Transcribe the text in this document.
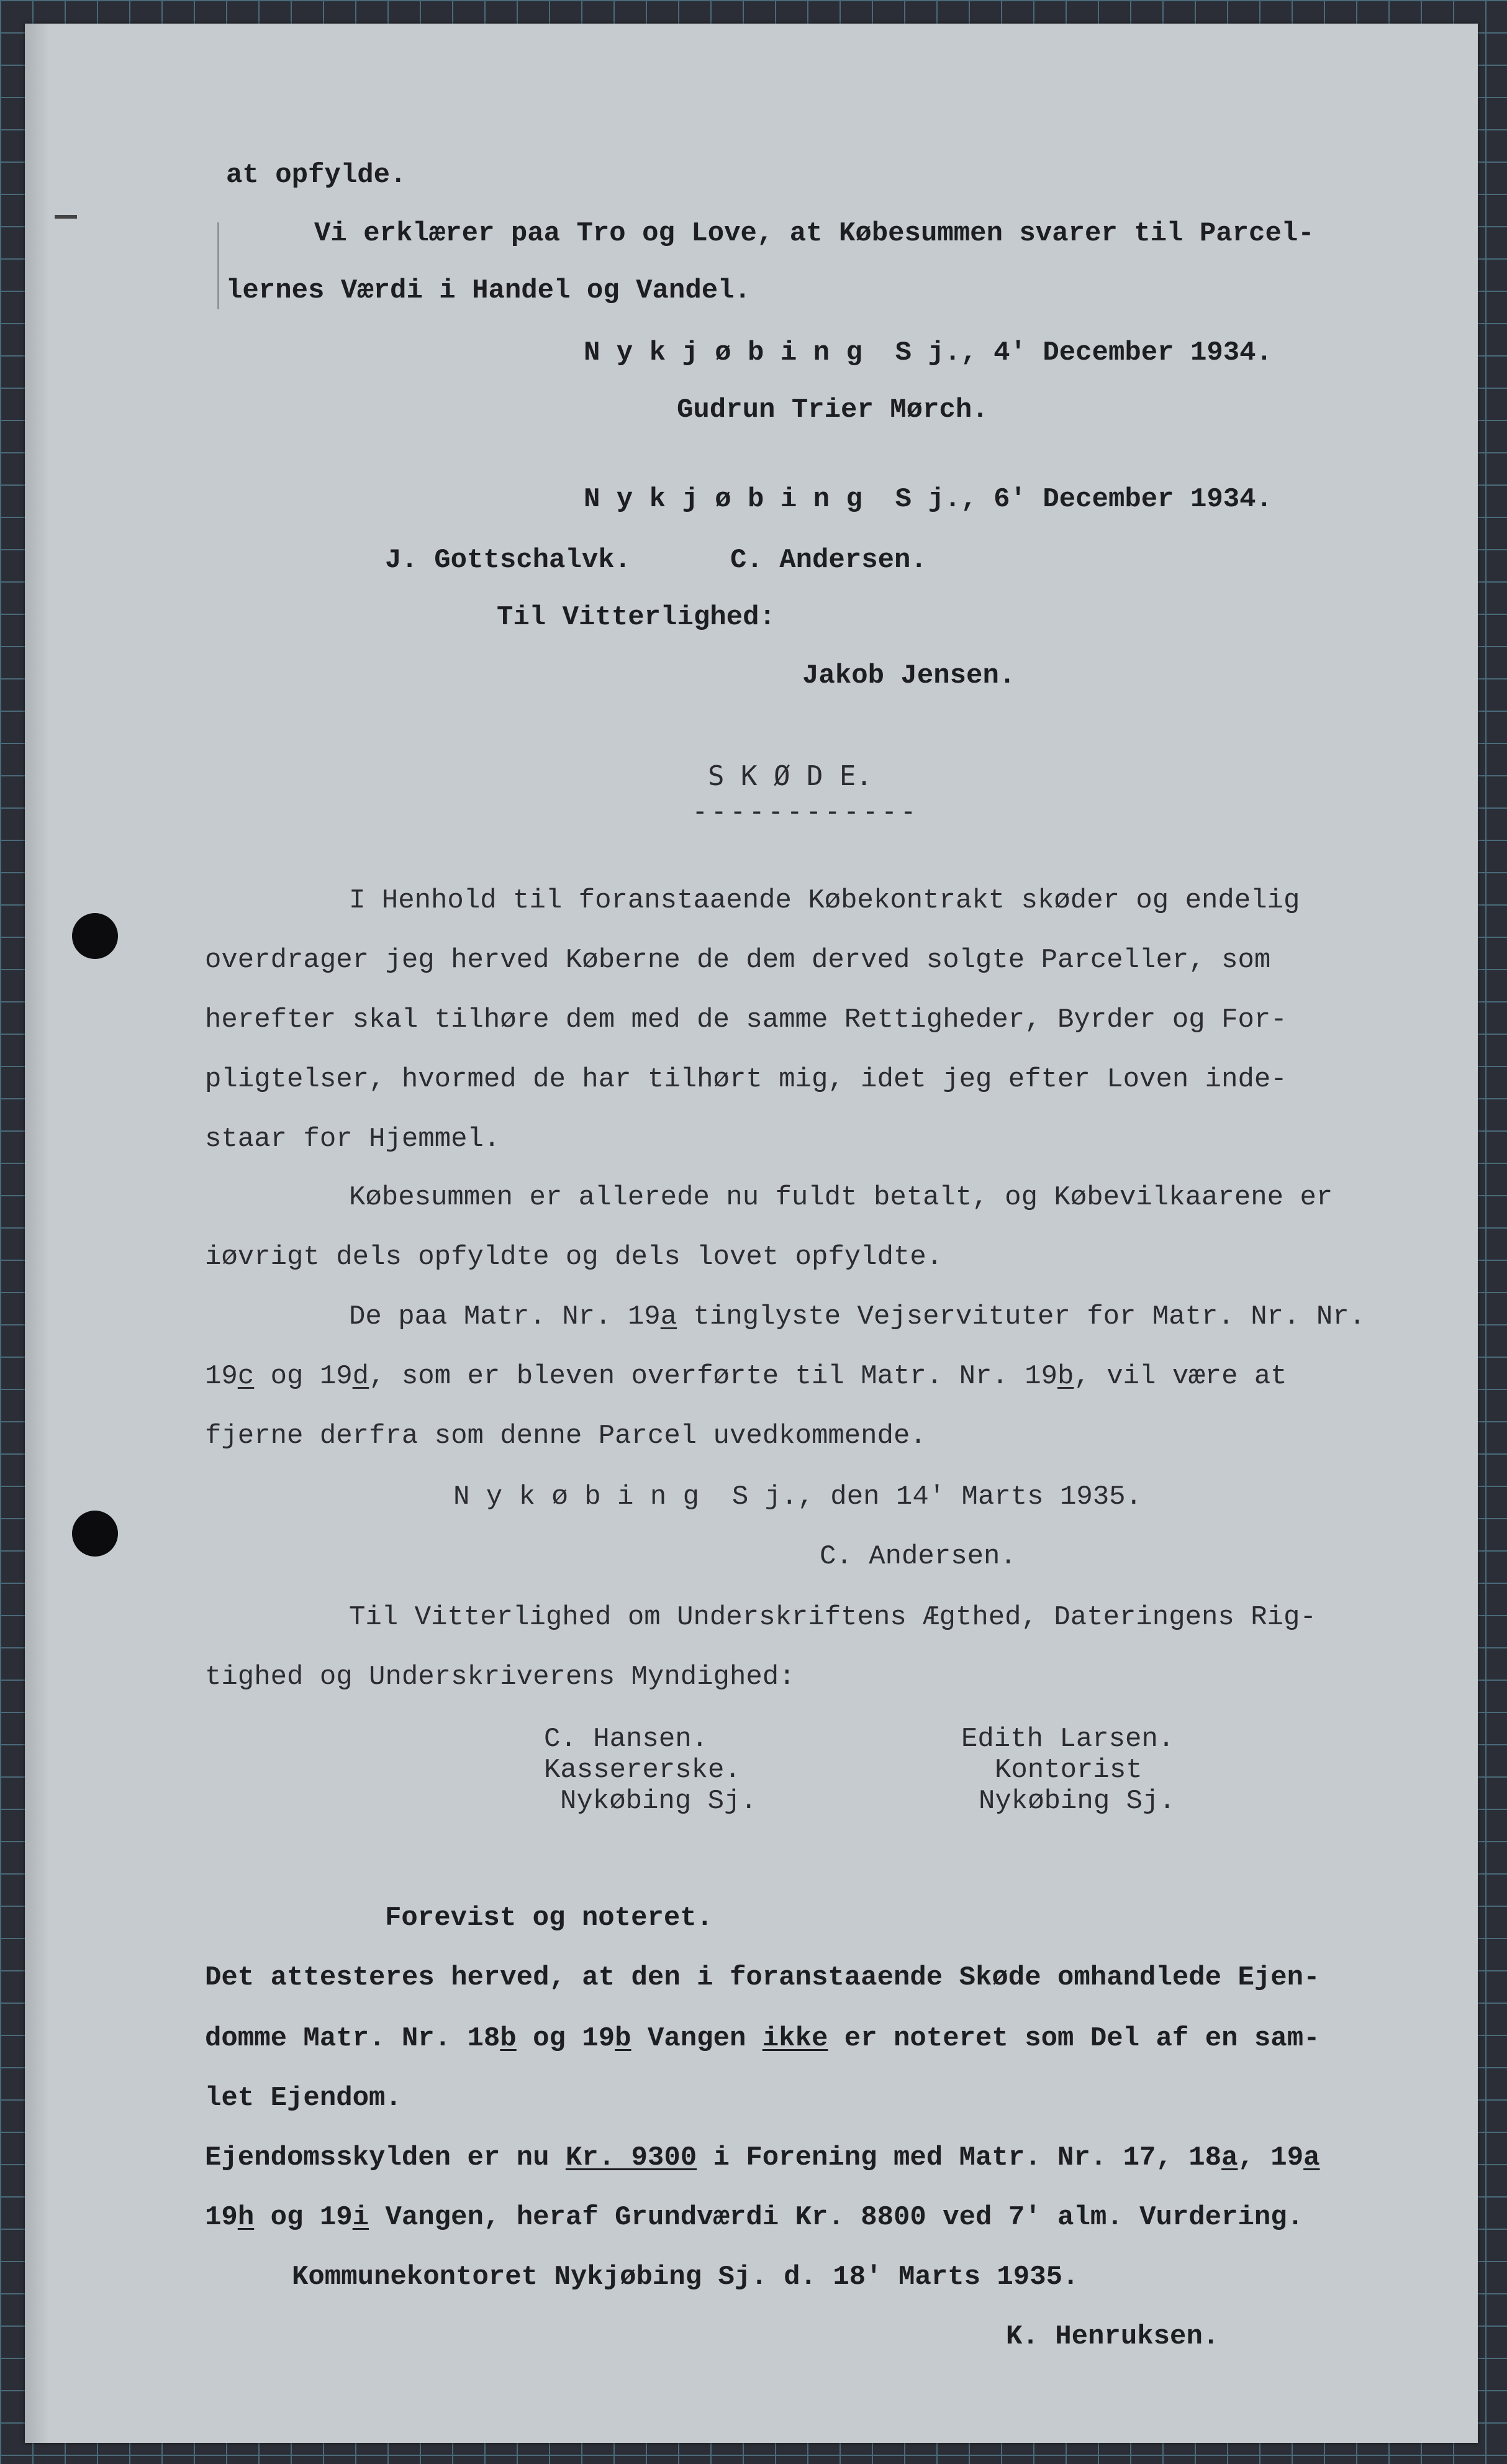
at opfylde.
Vi erklærer paa Tro og Love, at Købesummen svarer til Parcel-
lernes Værdi i Handel og Vandel.
N y k j ø b i n g  S j., 4' December 1934.
Gudrun Trier Mørch.
N y k j ø b i n g  S j., 6' December 1934.
J. Gottschalvk.	C. Andersen.
Til Vitterlighed:
Jakob Jensen.
S K Ø D E.
------------
I Henhold til foranstaaende Købekontrakt skøder og endelig
overdrager jeg herved Køberne de dem derved solgte Parceller, som
herefter skal tilhøre dem med de samme Rettigheder, Byrder og For-
pligtelser, hvormed de har tilhørt mig, idet jeg efter Loven inde-
staar for Hjemmel.
Købesummen er allerede nu fuldt betalt, og Købevilkaarene er
iøvrigt dels opfyldte og dels lovet opfyldte.
De paa Matr. Nr. 19a tinglyste Vejservituter for Matr. Nr. Nr.
19c og 19d, som er bleven overførte til Matr. Nr. 19b, vil være at
fjerne derfra som denne Parcel uvedkommende.
N y k ø b i n g  S j., den 14' Marts 1935.
C. Andersen.
Til Vitterlighed om Underskriftens Ægthed, Dateringens Rig-
tighed og Underskriverens Myndighed:
C. Hansen.
Kassererske.
Nykøbing Sj.
Edith Larsen.
Kontorist
Nykøbing Sj.
Forevist og noteret.
Det attesteres herved, at den i foranstaaende Skøde omhandlede Ejen-
domme Matr. Nr. 18b og 19b Vangen ikke er noteret som Del af en sam-
let Ejendom.
Ejendomsskylden er nu Kr. 9300 i Forening med Matr. Nr. 17, 18a, 19a
19h og 19i Vangen, heraf Grundværdi Kr. 8800 ved 7' alm. Vurdering.
Kommunekontoret Nykjøbing Sj. d. 18' Marts 1935.
K. Henruksen.
